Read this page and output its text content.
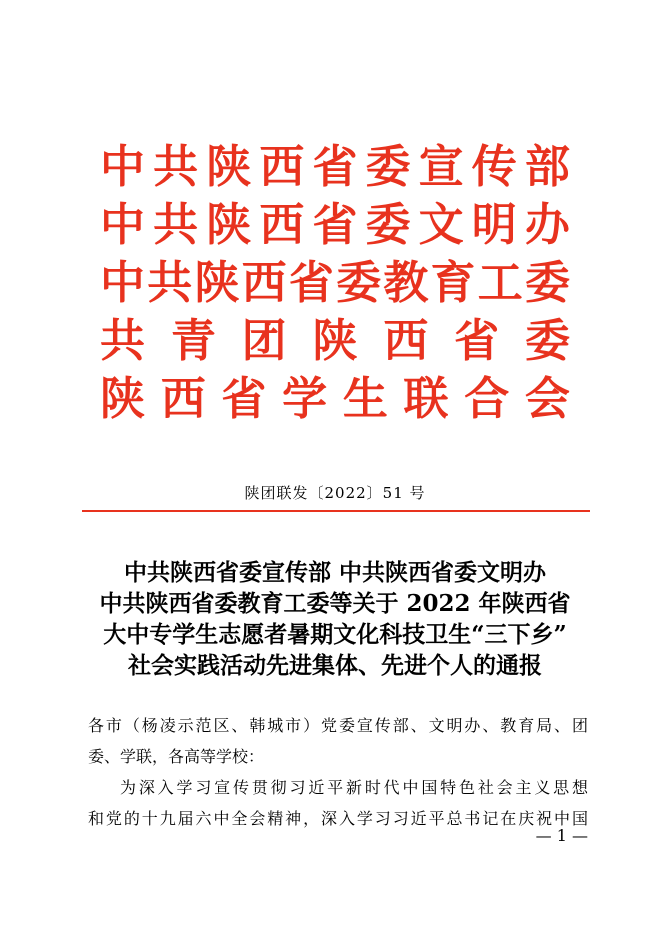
中 共 陕 西 省 委 宣 传 部
中 共 陕 西 省 委 文 明 办
中 共 陕 西 省 委 教 育 工 委
共 青 团 陕 西 省 委
陕 西 省 学 生 联 合 会
陕团联发〔2022〕51 号
中共陕西省委宣传部 中共陕西省委文明办
中共陕西省委教育工委等关于 2022 年陕西省
大中专学生志愿者暑期文化科技卫生“三下乡”
社会实践活动先进集体、先进个人的通报
各市（杨凌示范区、韩城市）党委宣传部、文明办、教育局、团
委、学联，各高等学校：
为深入学习宣传贯彻习近平新时代中国特色社会主义思想
和党的十九届六中全会精神，深入学习习近平总书记在庆祝中国
— 1 —
